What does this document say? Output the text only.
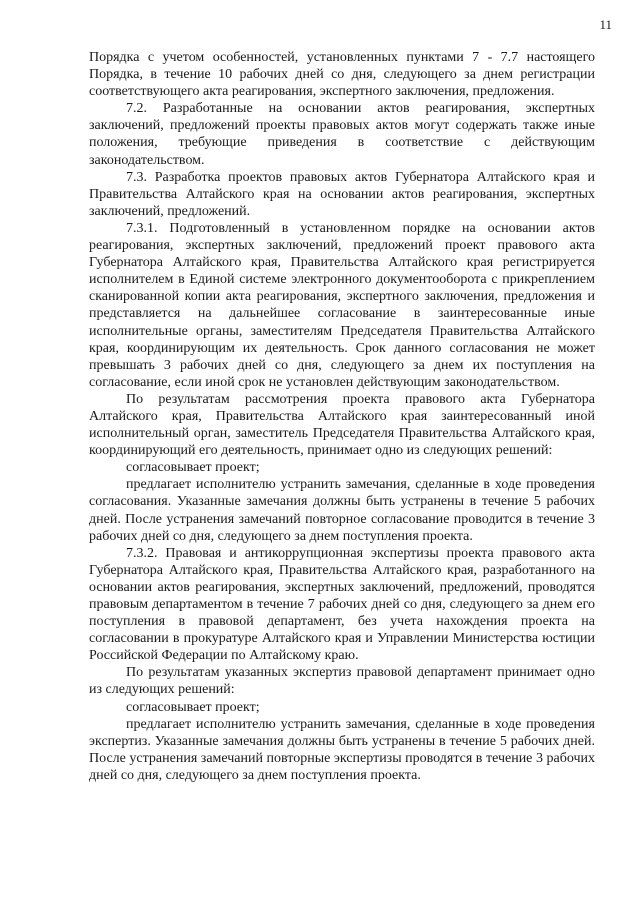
11

Порядка с учетом особенностей, установленных пунктами 7 - 7.7 настоящего Порядка, в течение 10 рабочих дней со дня, следующего за днем регистрации соответствующего акта реагирования, экспертного заключения, предложения.

7.2. Разработанные на основании актов реагирования, экспертных заключений, предложений проекты правовых актов могут содержать также иные положения, требующие приведения в соответствие с действующим законодательством.

7.3. Разработка проектов правовых актов Губернатора Алтайского края и Правительства Алтайского края на основании актов реагирования, экспертных заключений, предложений.

7.3.1. Подготовленный в установленном порядке на основании актов реагирования, экспертных заключений, предложений проект правового акта Губернатора Алтайского края, Правительства Алтайского края регистрируется исполнителем в Единой системе электронного документооборота с прикреплением сканированной копии акта реагирования, экспертного заключения, предложения и представляется на дальнейшее согласование в заинтересованные иные исполнительные органы, заместителям Председателя Правительства Алтайского края, координирующим их деятельность. Срок данного согласования не может превышать 3 рабочих дней со дня, следующего за днем их поступления на согласование, если иной срок не установлен действующим законодательством.

По результатам рассмотрения проекта правового акта Губернатора Алтайского края, Правительства Алтайского края заинтересованный иной исполнительный орган, заместитель Председателя Правительства Алтайского края, координирующий его деятельность, принимает одно из следующих решений:

согласовывает проект;

предлагает исполнителю устранить замечания, сделанные в ходе проведения согласования. Указанные замечания должны быть устранены в течение 5 рабочих дней. После устранения замечаний повторное согласование проводится в течение 3 рабочих дней со дня, следующего за днем поступления проекта.

7.3.2. Правовая и антикоррупционная экспертизы проекта правового акта Губернатора Алтайского края, Правительства Алтайского края, разработанного на основании актов реагирования, экспертных заключений, предложений, проводятся правовым департаментом в течение 7 рабочих дней со дня, следующего за днем его поступления в правовой департамент, без учета нахождения проекта на согласовании в прокуратуре Алтайского края и Управлении Министерства юстиции Российской Федерации по Алтайскому краю.

По результатам указанных экспертиз правовой департамент принимает одно из следующих решений:

согласовывает проект;

предлагает исполнителю устранить замечания, сделанные в ходе проведения экспертиз. Указанные замечания должны быть устранены в течение 5 рабочих дней. После устранения замечаний повторные экспертизы проводятся в течение 3 рабочих дней со дня, следующего за днем поступления проекта.
